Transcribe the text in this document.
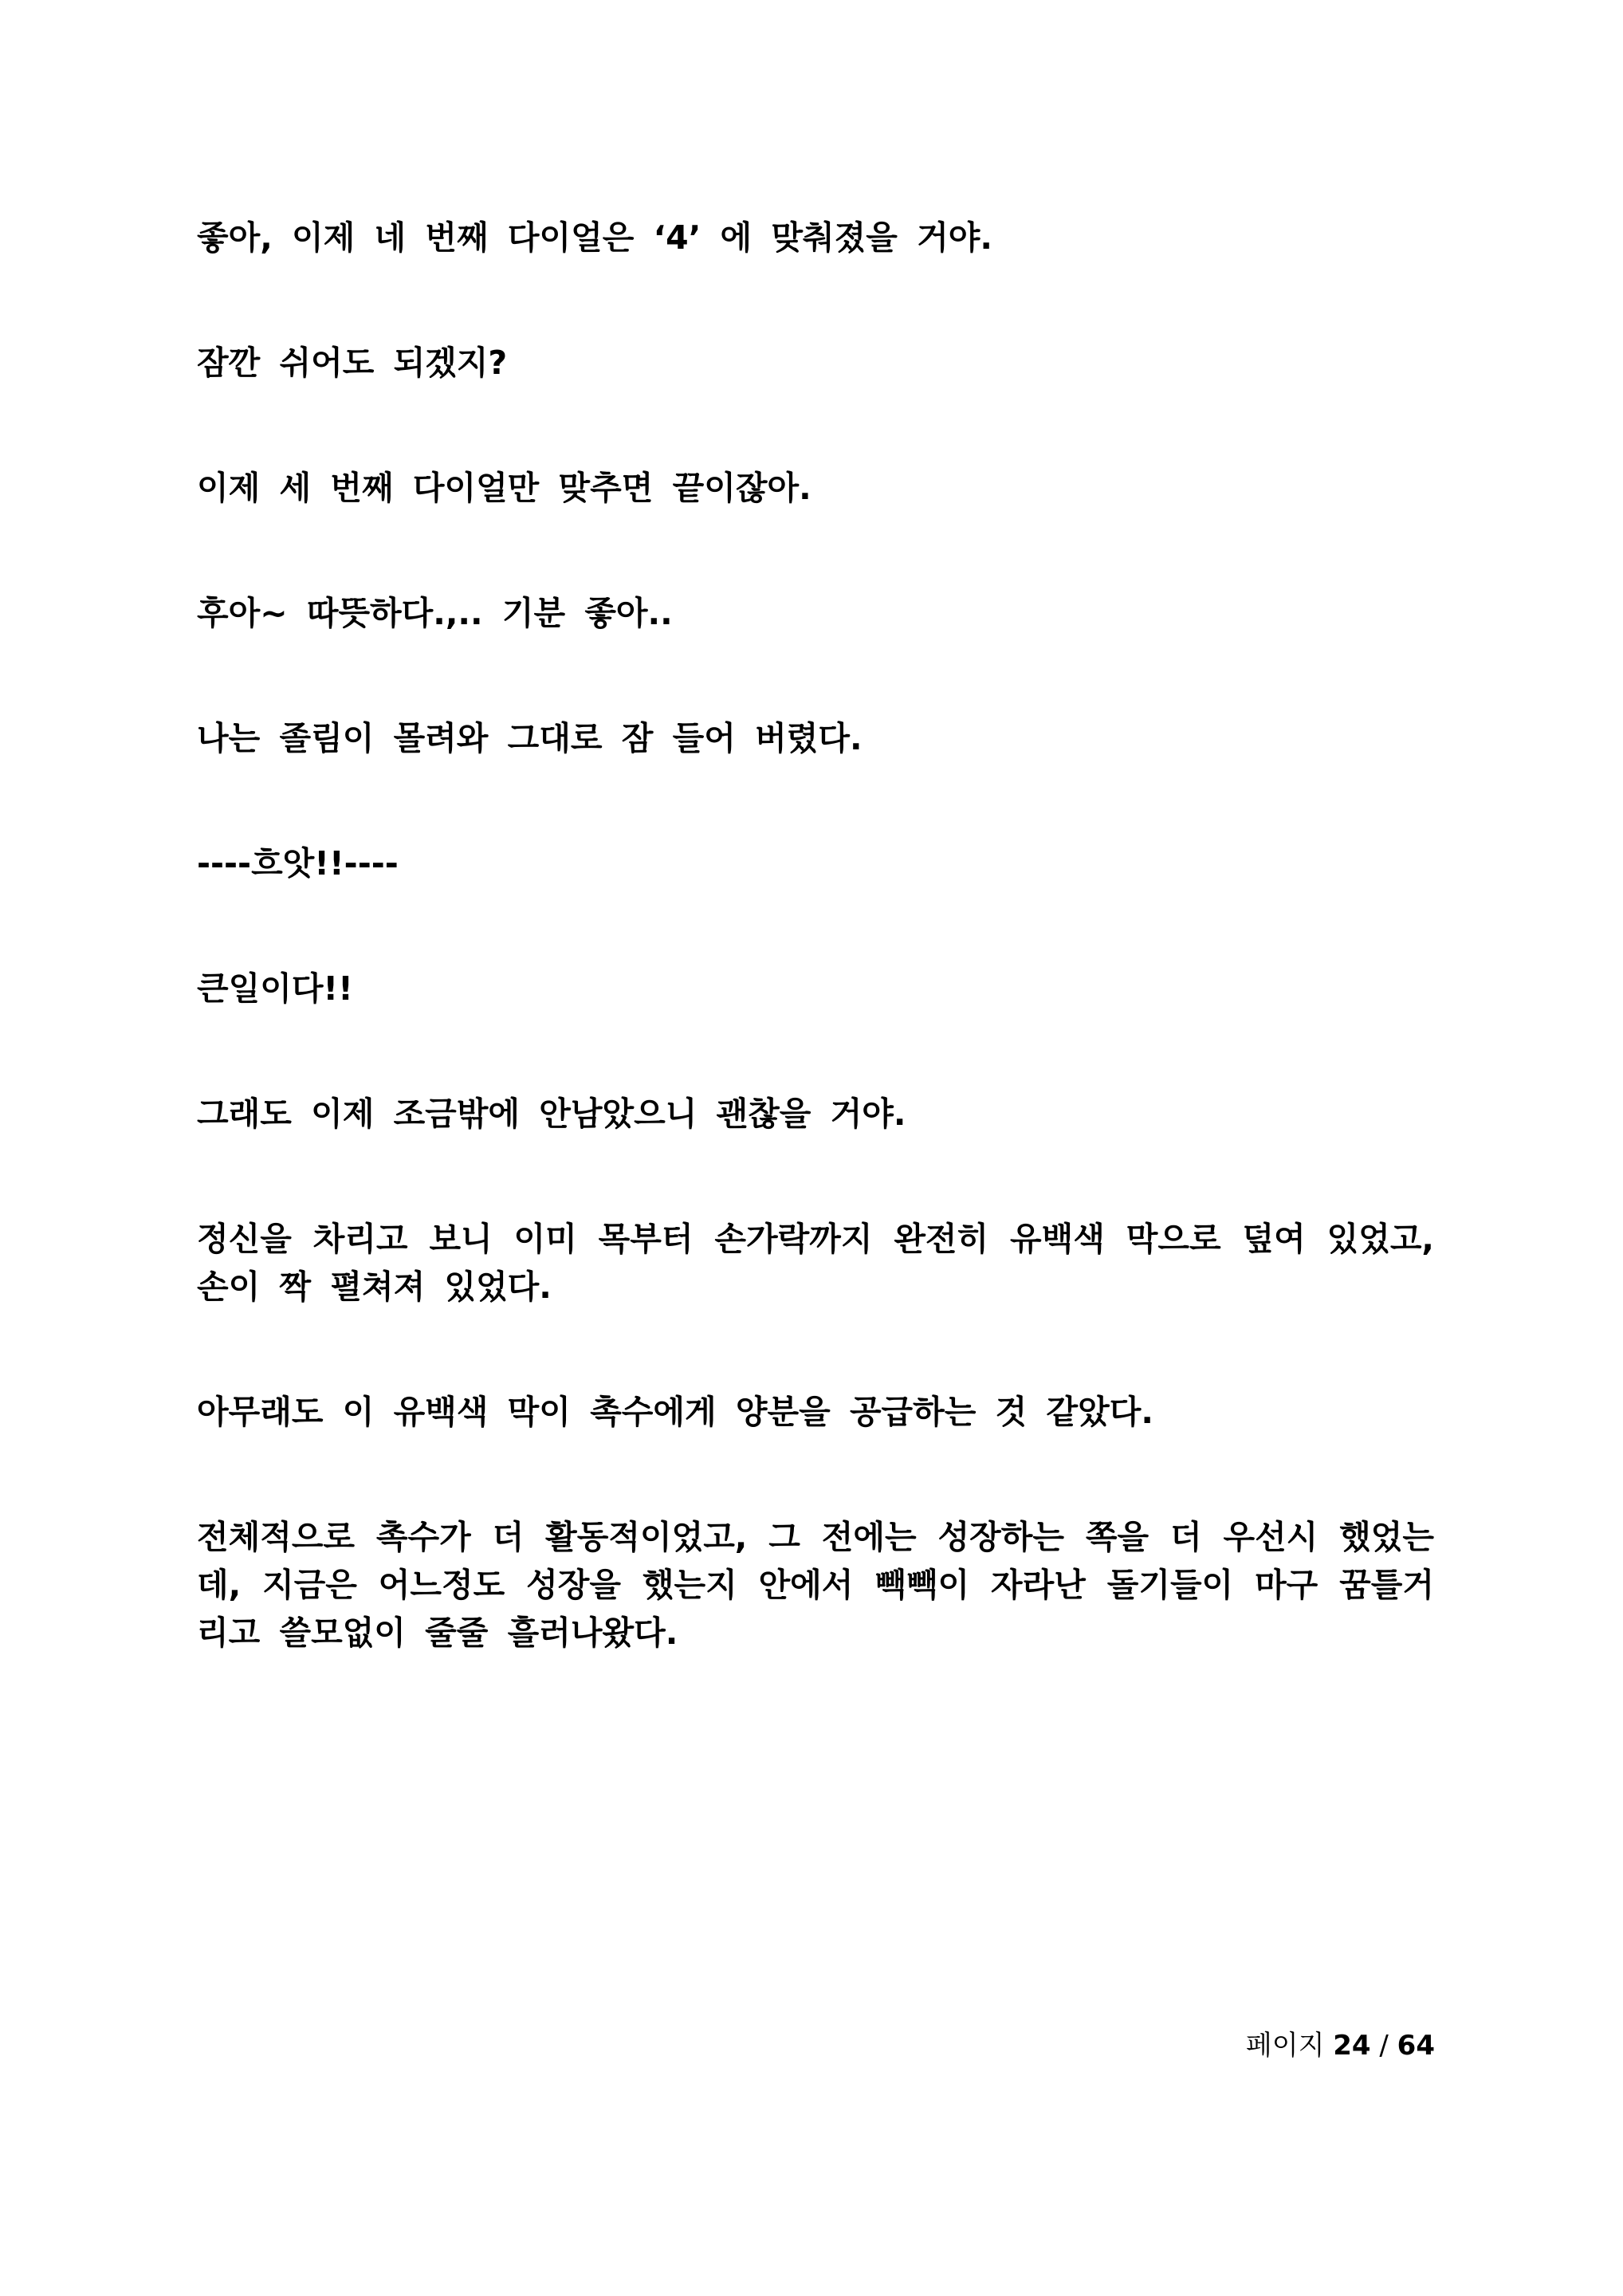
좋아, 이제 네 번째 다이얼은 ‘4’ 에 맞춰졌을 거야.

잠깐 쉬어도 되겠지?

이제 세 번째 다이얼만 맞추면 끝이잖아.

후아~ 따뜻하다.,.. 기분 좋아..

나는 졸림이 몰려와 그대로 잠 들어 버렸다.

----흐앗!!----

큰일이다!!

그래도 이제 조금밖에 안남았으니 괜찮을 거야.

정신을 차리고 보니 이미 목부터 손가락까지 완전히 유백색 막으로 덮여 있었고, 손이 짝 펼쳐져 있었다.

아무래도 이 유백색 막이 촉수에게 양분을 공급하는 것 같았다.

전체적으로 촉수가 더 활동적이었고, 그 전에는 성장하는 쪽을 더 우선시 했었는데, 지금은 어느정도 성장을 했는지 안에서 빽빽이 자라난 돌기들이 마구 꿈틀거리고 쓸모없이 줄줄 흘러나왔다.

페이지 24 / 64
